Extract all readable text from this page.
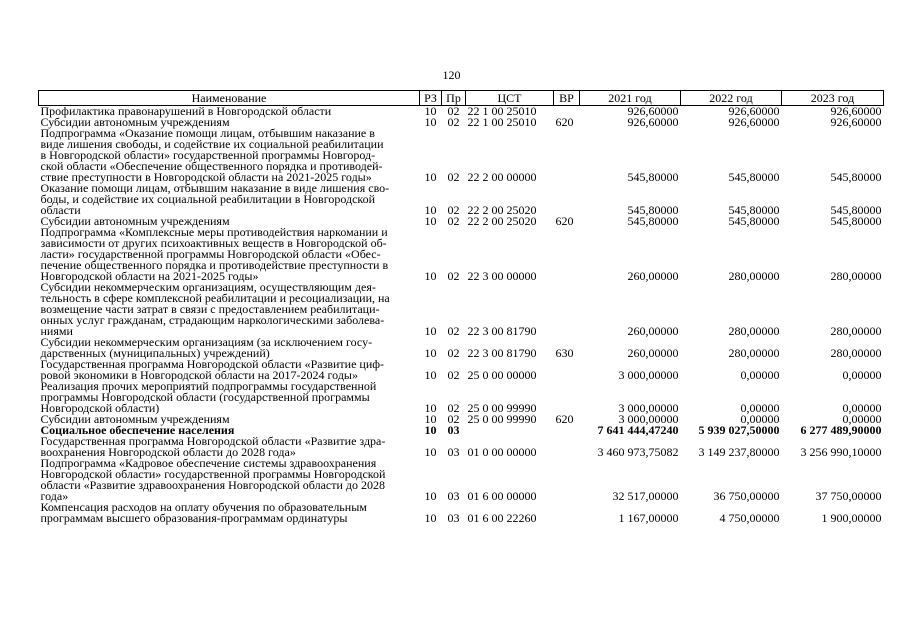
120
Наименование	РЗ	Пр	ЦСТ	ВР	2021 год	2022 год	2023 год
Профилактика правонарушений в Новгородской области	10	02	22 1 00 25010		926,60000	926,60000	926,60000
Субсидии автономным учреждениям	10	02	22 1 00 25010	620	926,60000	926,60000	926,60000
Подпрограмма «Оказание помощи лицам, отбывшим наказание в
виде лишения свободы, и содействие их социальной реабилитации
в Новгородской области» государственной программы Новгород-
ской области «Обеспечение общественного порядка и противодей-
ствие преступности в Новгородской области на 2021-2025 годы»	10	02	22 2 00 00000		545,80000	545,80000	545,80000
Оказание помощи лицам, отбывшим наказание в виде лишения сво-
боды, и содействие их социальной реабилитации в Новгородской
области	10	02	22 2 00 25020		545,80000	545,80000	545,80000
Субсидии автономным учреждениям	10	02	22 2 00 25020	620	545,80000	545,80000	545,80000
Подпрограмма «Комплексные меры противодействия наркомании и
зависимости от других психоактивных веществ в Новгородской об-
ласти» государственной программы Новгородской области «Обес-
печение общественного порядка и противодействие преступности в
Новгородской области на 2021-2025 годы»	10	02	22 3 00 00000		260,00000	280,00000	280,00000
Субсидии некоммерческим организациям, осуществляющим дея-
тельность в сфере комплексной реабилитации и ресоциализации, на
возмещение части затрат в связи с предоставлением реабилитаци-
онных услуг гражданам, страдающим наркологическими заболева-
ниями	10	02	22 3 00 81790		260,00000	280,00000	280,00000
Субсидии некоммерческим организациям (за исключением госу-
дарственных (муниципальных) учреждений)	10	02	22 3 00 81790	630	260,00000	280,00000	280,00000
Государственная программа Новгородской области «Развитие циф-
ровой экономики в Новгородской области на 2017-2024 годы»	10	02	25 0 00 00000		3 000,00000	0,00000	0,00000
Реализация прочих мероприятий подпрограммы государственной
программы Новгородской области (государственной программы
Новгородской области)	10	02	25 0 00 99990		3 000,00000	0,00000	0,00000
Субсидии автономным учреждениям	10	02	25 0 00 99990	620	3 000,00000	0,00000	0,00000
Социальное обеспечение населения	10	03			7 641 444,47240	5 939 027,50000	6 277 489,90000
Государственная программа Новгородской области «Развитие здра-
воохранения Новгородской области до 2028 года»	10	03	01 0 00 00000		3 460 973,75082	3 149 237,80000	3 256 990,10000
Подпрограмма «Кадровое обеспечение системы здравоохранения
Новгородской области» государственной программы Новгородской
области «Развитие здравоохранения Новгородской области до 2028
года»	10	03	01 6 00 00000		32 517,00000	36 750,00000	37 750,00000
Компенсация расходов на оплату обучения по образовательным
программам высшего образования-программам ординатуры	10	03	01 6 00 22260		1 167,00000	4 750,00000	1 900,00000
